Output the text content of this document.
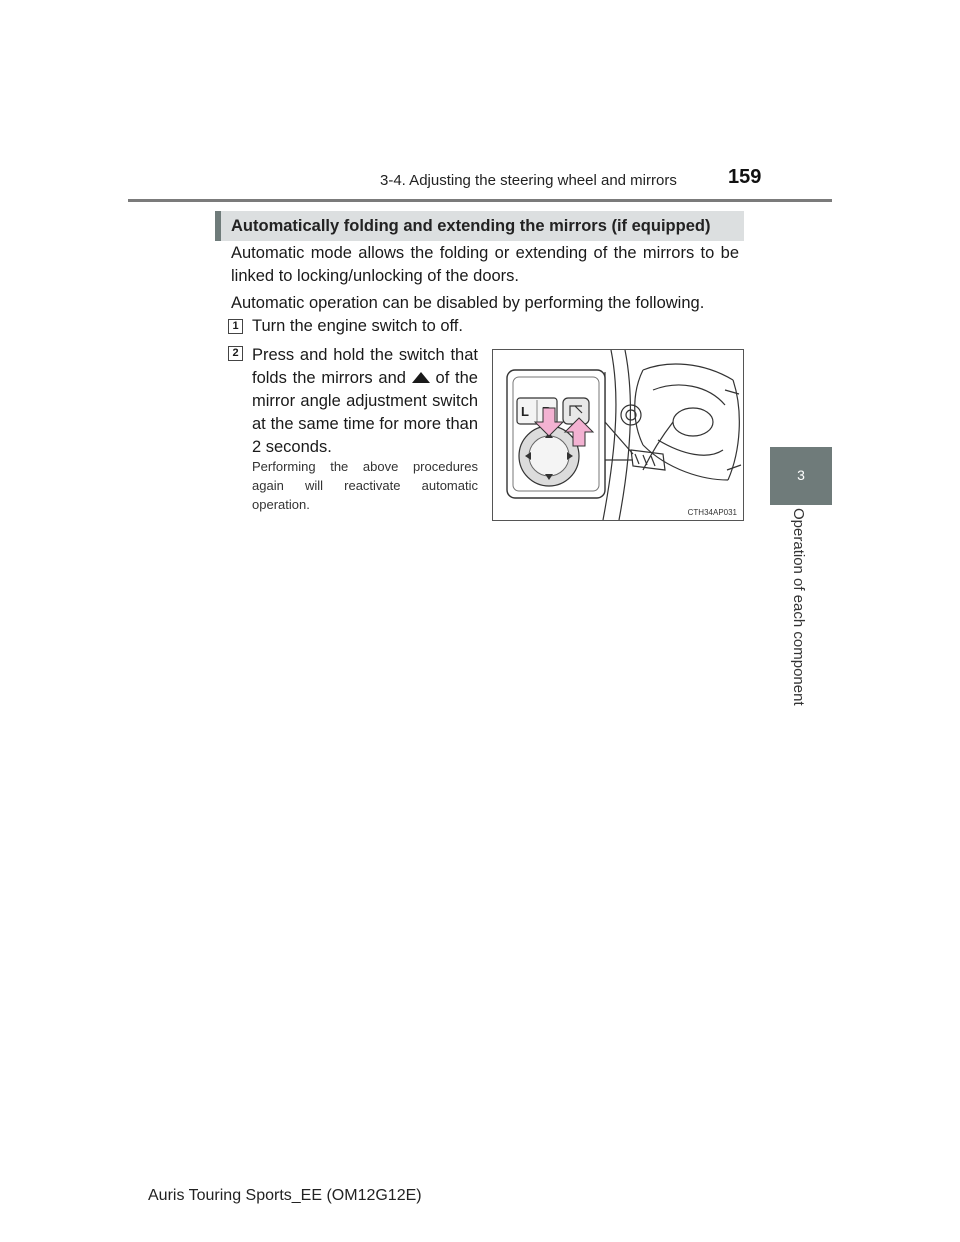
3-4. Adjusting the steering wheel and mirrors	159
3
Operation of each component
Automatically folding and extending the mirrors (if equipped)
Automatic mode allows the folding or extending of the mirrors to be linked to locking/unlocking of the doors.
Automatic operation can be disabled by performing the following.
1 Turn the engine switch to off.
2 Press and hold the switch that folds the mirrors and of the mirror angle adjustment switch at the same time for more than 2 seconds.
Performing the above procedures again will reactivate automatic operation.
L
CTH34AP031
Auris Touring Sports_EE (OM12G12E)
